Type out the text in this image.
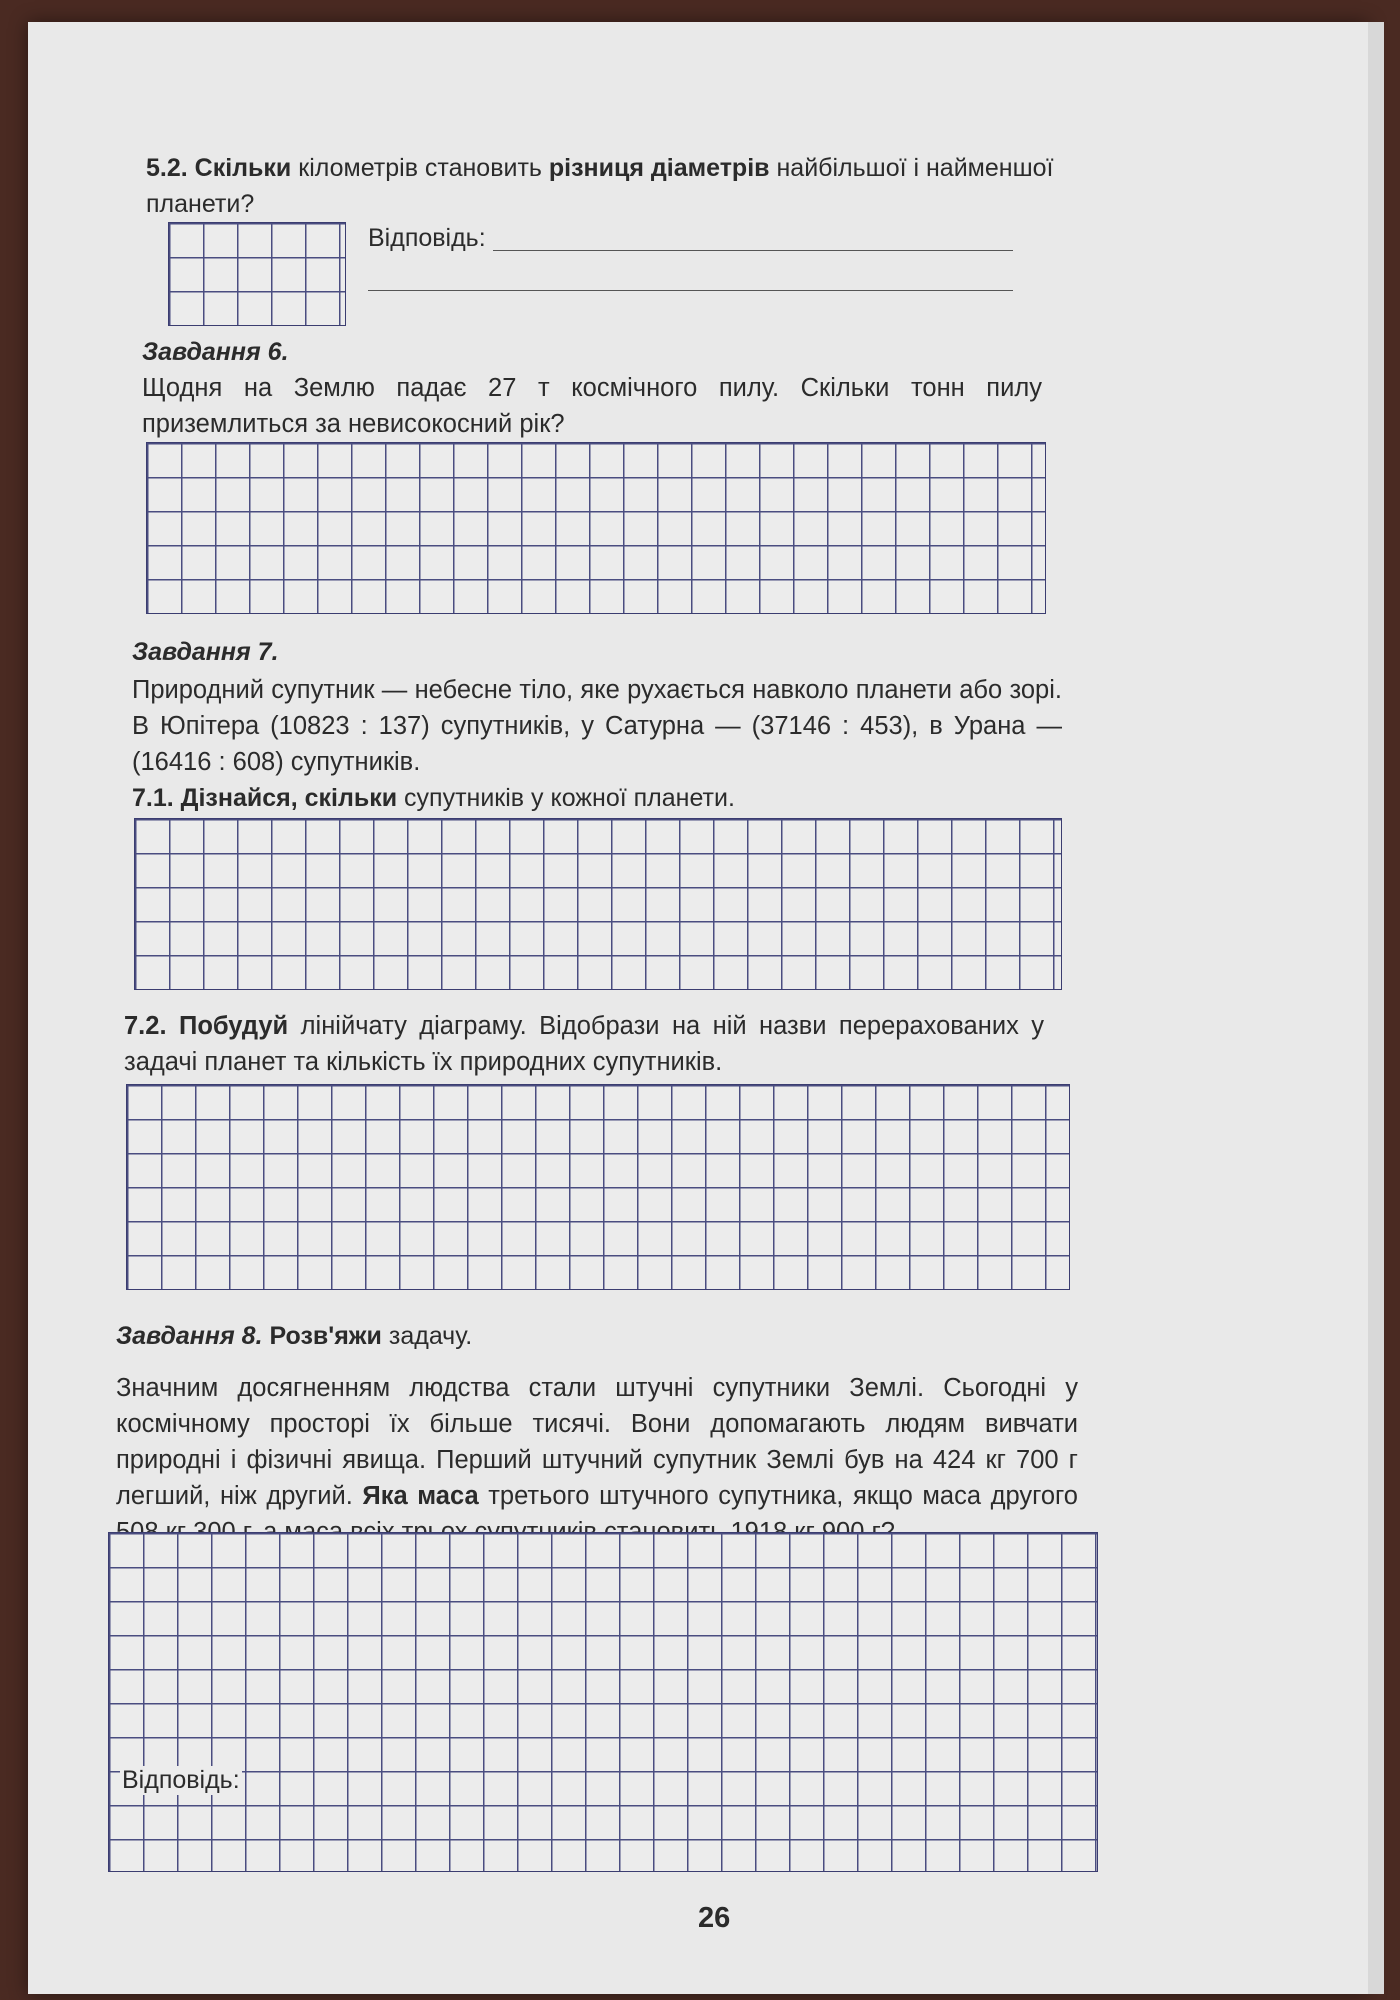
5.2. Скільки кілометрів становить різниця діаметрів найбільшої і найменшої
планети?
Відповідь:
Завдання 6.
Щодня на Землю падає 27 т космічного пилу. Скільки тонн пилу приземлиться за невисокосний рік?
Завдання 7.
Природний супутник — небесне тіло, яке рухається навколо планети або зорі. В Юпітера (10823 : 137) супутників, у Сатурна — (37146 : 453), в Урана — (16416 : 608) супутників.
7.1. Дізнайся, скільки супутників у кожної планети.
7.2. Побудуй лінійчату діаграму. Відобрази на ній назви перерахованих у задачі планет та кількість їх природних супутників.
Завдання 8. Розв'яжи задачу.
Значним досягненням людства стали штучні супутники Землі. Сьогодні у космічному просторі їх більше тисячі. Вони допомагають людям вивчати природні і фізичні явища. Перший штучний супутник Землі був на 424 кг 700 г легший, ніж другий. Яка маса третього штучного супутника, якщо маса другого
Відповідь:
26
